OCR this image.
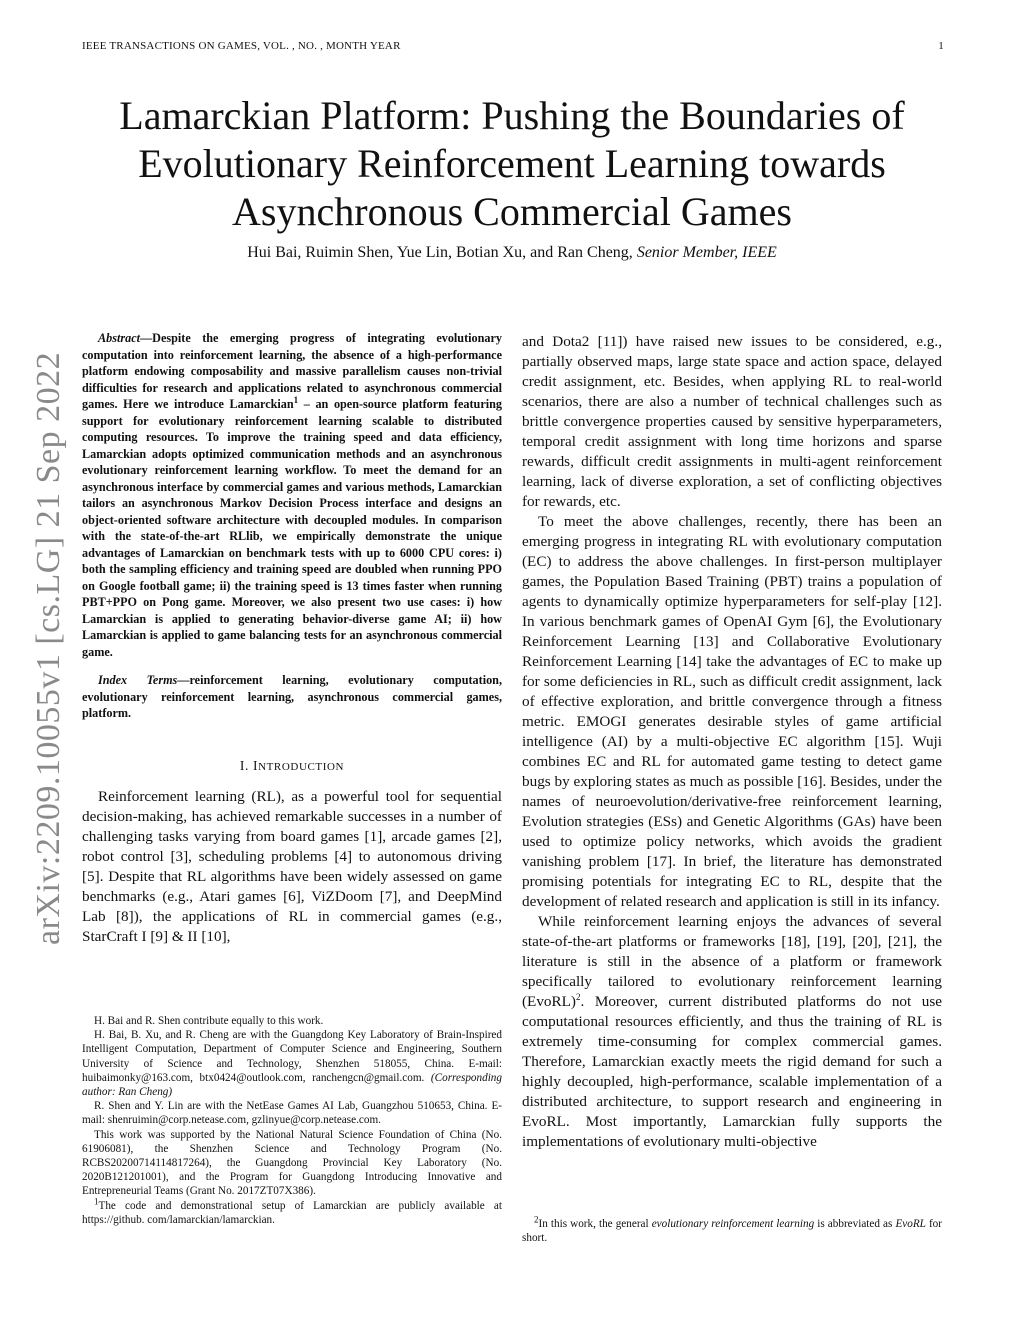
IEEE TRANSACTIONS ON GAMES, VOL. , NO. , MONTH YEAR	1
arXiv:2209.10055v1 [cs.LG] 21 Sep 2022
Lamarckian Platform: Pushing the Boundaries of
Evolutionary Reinforcement Learning towards
Asynchronous Commercial Games
Hui Bai, Ruimin Shen, Yue Lin, Botian Xu, and Ran Cheng, Senior Member, IEEE

Abstract—Despite the emerging progress of integrating evolutionary computation into reinforcement learning, the absence of a high-performance platform endowing composability and massive parallelism causes non-trivial difficulties for research and applications related to asynchronous commercial games. Here we introduce Lamarckian$^1$ – an open-source platform featuring support for evolutionary reinforcement learning scalable to distributed computing resources. To improve the training speed and data efficiency, Lamarckian adopts optimized communication methods and an asynchronous evolutionary reinforcement learning workflow. To meet the demand for an asynchronous interface by commercial games and various methods, Lamarckian tailors an asynchronous Markov Decision Process interface and designs an object-oriented software architecture with decoupled modules. In comparison with the state-of-the-art RLlib, we empirically demonstrate the unique advantages of Lamarckian on benchmark tests with up to 6000 CPU cores: i) both the sampling efficiency and training speed are doubled when running PPO on Google football game; ii) the training speed is 13 times faster when running PBT+PPO on Pong game. Moreover, we also present two use cases: i) how Lamarckian is applied to generating behavior-diverse game AI; ii) how Lamarckian is applied to game balancing tests for an asynchronous commercial game.

Index Terms—reinforcement learning, evolutionary computation, evolutionary reinforcement learning, asynchronous commercial games, platform.

I. INTRODUCTION

Reinforcement learning (RL), as a powerful tool for sequential decision-making, has achieved remarkable successes in a number of challenging tasks varying from board games [1], arcade games [2], robot control [3], scheduling problems [4] to autonomous driving [5]. Despite that RL algorithms have been widely assessed on game benchmarks (e.g., Atari games [6], ViZDoom [7], and DeepMind Lab [8]), the applications of RL in commercial games (e.g., StarCraft I [9] & II [10],

H. Bai and R. Shen contribute equally to this work.

H. Bai, B. Xu, and R. Cheng are with the Guangdong Key Laboratory of Brain-Inspired Intelligent Computation, Department of Computer Science and Engineering, Southern University of Science and Technology, Shenzhen 518055, China. E-mail: huibaimonky@163.com, btx0424@outlook.com, ranchengcn@gmail.com. (Corresponding author: Ran Cheng)

R. Shen and Y. Lin are with the NetEase Games AI Lab, Guangzhou 510653, China. E-mail: shenruimin@corp.netease.com, gzlinyue@corp.netease.com.

This work was supported by the National Natural Science Foundation of China (No. 61906081), the Shenzhen Science and Technology Program (No. RCBS20200714114817264), the Guangdong Provincial Key Laboratory (No. 2020B121201001), and the Program for Guangdong Introducing Innovative and Entrepreneurial Teams (Grant No. 2017ZT07X386).

$^1$The code and demonstrational setup of Lamarckian are publicly available at https://github. com/lamarckian/lamarckian.

and Dota2 [11]) have raised new issues to be considered, e.g., partially observed maps, large state space and action space, delayed credit assignment, etc. Besides, when applying RL to real-world scenarios, there are also a number of technical challenges such as brittle convergence properties caused by sensitive hyperparameters, temporal credit assignment with long time horizons and sparse rewards, difficult credit assignments in multi-agent reinforcement learning, lack of diverse exploration, a set of conflicting objectives for rewards, etc.

To meet the above challenges, recently, there has been an emerging progress in integrating RL with evolutionary computation (EC) to address the above challenges. In first-person multiplayer games, the Population Based Training (PBT) trains a population of agents to dynamically optimize hyperparameters for self-play [12]. In various benchmark games of OpenAI Gym [6], the Evolutionary Reinforcement Learning [13] and Collaborative Evolutionary Reinforcement Learning [14] take the advantages of EC to make up for some deficiencies in RL, such as difficult credit assignment, lack of effective exploration, and brittle convergence through a fitness metric. EMOGI generates desirable styles of game artificial intelligence (AI) by a multi-objective EC algorithm [15]. Wuji combines EC and RL for automated game testing to detect game bugs by exploring states as much as possible [16]. Besides, under the names of neuroevolution/derivative-free reinforcement learning, Evolution strategies (ESs) and Genetic Algorithms (GAs) have been used to optimize policy networks, which avoids the gradient vanishing problem [17]. In brief, the literature has demonstrated promising potentials for integrating EC to RL, despite that the development of related research and application is still in its infancy.

While reinforcement learning enjoys the advances of several state-of-the-art platforms or frameworks [18], [19], [20], [21], the literature is still in the absence of a platform or framework specifically tailored to evolutionary reinforcement learning (EvoRL)$^2$. Moreover, current distributed platforms do not use computational resources efficiently, and thus the training of RL is extremely time-consuming for complex commercial games. Therefore, Lamarckian exactly meets the rigid demand for such a highly decoupled, high-performance, scalable implementation of a distributed architecture, to support research and engineering in EvoRL. Most importantly, Lamarckian fully supports the implementations of evolutionary multi-objective

$^2$In this work, the general evolutionary reinforcement learning is abbreviated as EvoRL for short.
